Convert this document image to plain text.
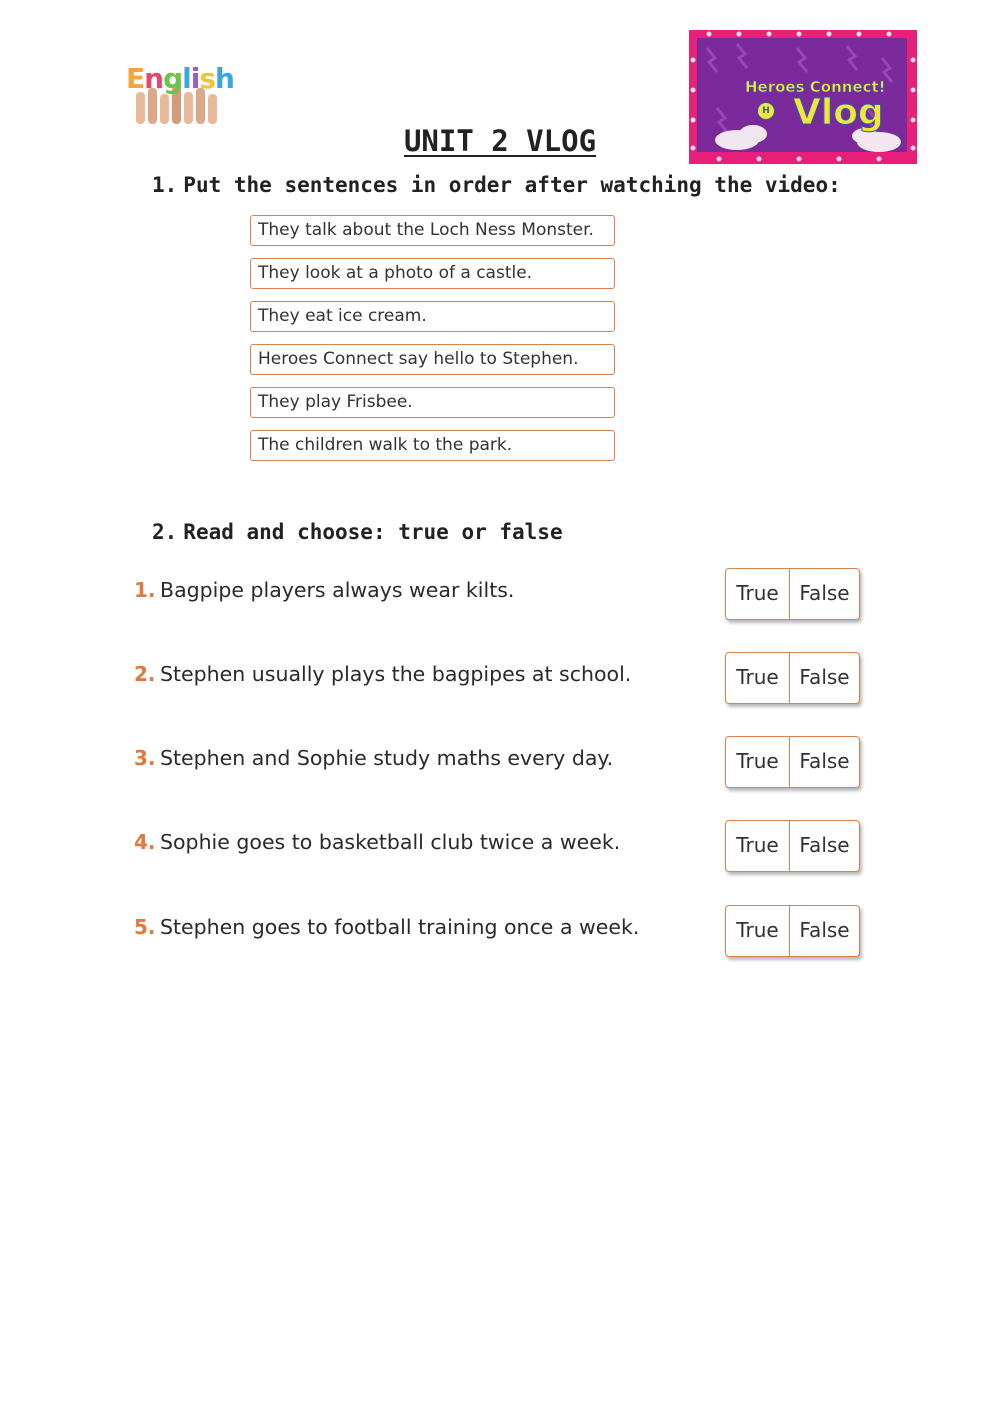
English	Heroes Connect!
H Vlog
UNIT 2 VLOG
1. Put the sentences in order after watching the video:
They talk about the Loch Ness Monster.
They look at a photo of a castle.
They eat ice cream.
Heroes Connect say hello to Stephen.
They play Frisbee.
The children walk to the park.
2. Read and choose: true or false
1. Bagpipe players always wear kilts.	True	False
2. Stephen usually plays the bagpipes at school.	True	False
3. Stephen and Sophie study maths every day.	True	False
4. Sophie goes to basketball club twice a week.	True	False
5. Stephen goes to football training once a week.	True	False
